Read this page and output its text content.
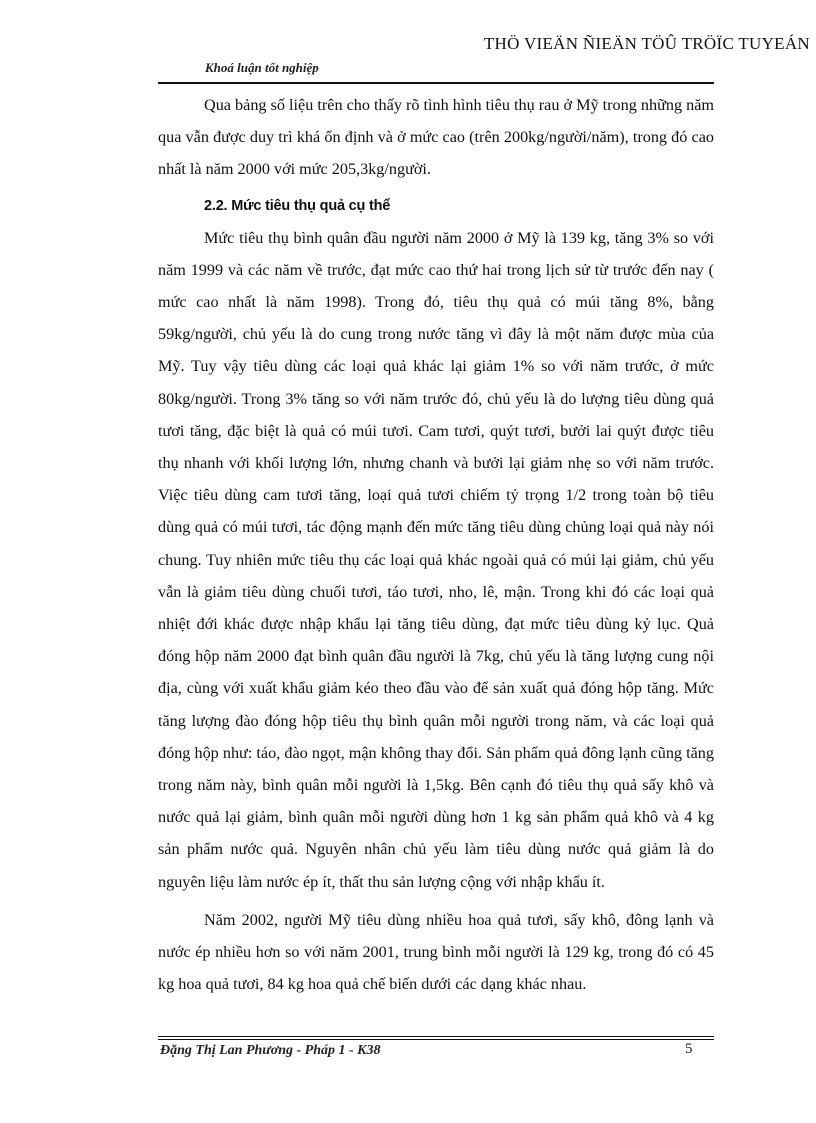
THÖ VIEÄN ÑIEÄN TÖÛ TRÖÏC TUYEÁN
Khoá luận tốt nghiệp

Qua bảng số liệu trên cho thấy rõ tình hình tiêu thụ rau ở Mỹ trong những năm qua vẫn được duy trì khá ổn định và ở mức cao (trên 200kg/người/năm), trong đó cao nhất là năm 2000 với mức 205,3kg/người.

2.2. Mức tiêu thụ quả cụ thể

Mức tiêu thụ bình quân đầu người năm 2000 ở Mỹ là 139 kg, tăng 3% so với năm 1999 và các năm về trước, đạt mức cao thứ hai trong lịch sử từ trước đến nay ( mức cao nhất là năm 1998). Trong đó, tiêu thụ quả có múi tăng 8%, bằng 59kg/người, chủ yếu là do cung trong nước tăng vì đây là một năm được mùa của Mỹ. Tuy vậy tiêu dùng các loại quả khác lại giảm 1% so với năm trước, ở mức 80kg/người. Trong 3% tăng so với năm trước đó, chủ yếu là do lượng tiêu dùng quả tươi tăng, đặc biệt là quả có múi tươi. Cam tươi, quýt tươi, bưởi lai quýt được tiêu thụ nhanh với khối lượng lớn, nhưng chanh và bưởi lại giảm nhẹ so với năm trước. Việc tiêu dùng cam tươi tăng, loại quả tươi chiếm tỷ trọng 1/2 trong toàn bộ tiêu dùng quả có múi tươi, tác động mạnh đến mức tăng tiêu dùng chủng loại quả này nói chung. Tuy nhiên mức tiêu thụ các loại quả khác ngoài quả có múi lại giảm, chủ yếu vẫn là giảm tiêu dùng chuối tươi, táo tươi, nho, lê, mận. Trong khi đó các loại quả nhiệt đới khác được nhập khẩu lại tăng tiêu dùng, đạt mức tiêu dùng kỷ lục. Quả đóng hộp năm 2000 đạt bình quân đầu người là 7kg, chủ yếu là tăng lượng cung nội địa, cùng với xuất khẩu giảm kéo theo đầu vào để sản xuất quả đóng hộp tăng. Mức tăng lượng đào đóng hộp tiêu thụ bình quân mỗi người trong năm, và các loại quả đóng hộp như: táo, đào ngọt, mận không thay đổi. Sản phẩm quả đông lạnh cũng tăng trong năm này, bình quân mỗi người là 1,5kg. Bên cạnh đó tiêu thụ quả sấy khô và nước quả lại giảm, bình quân mỗi người dùng hơn 1 kg sản phẩm quả khô và 4 kg sản phẩm nước quả. Nguyên nhân chủ yếu làm tiêu dùng nước quả giảm là do nguyên liệu làm nước ép ít, thất thu sản lượng cộng với nhập khẩu ít.

Năm 2002, người Mỹ tiêu dùng nhiều hoa quả tươi, sấy khô, đông lạnh và nước ép nhiều hơn so với năm 2001, trung bình mỗi người là 129 kg, trong đó có 45 kg hoa quả tươi, 84 kg hoa quả chế biến dưới các dạng khác nhau.

Đặng Thị Lan Phương - Pháp 1 - K38	5
